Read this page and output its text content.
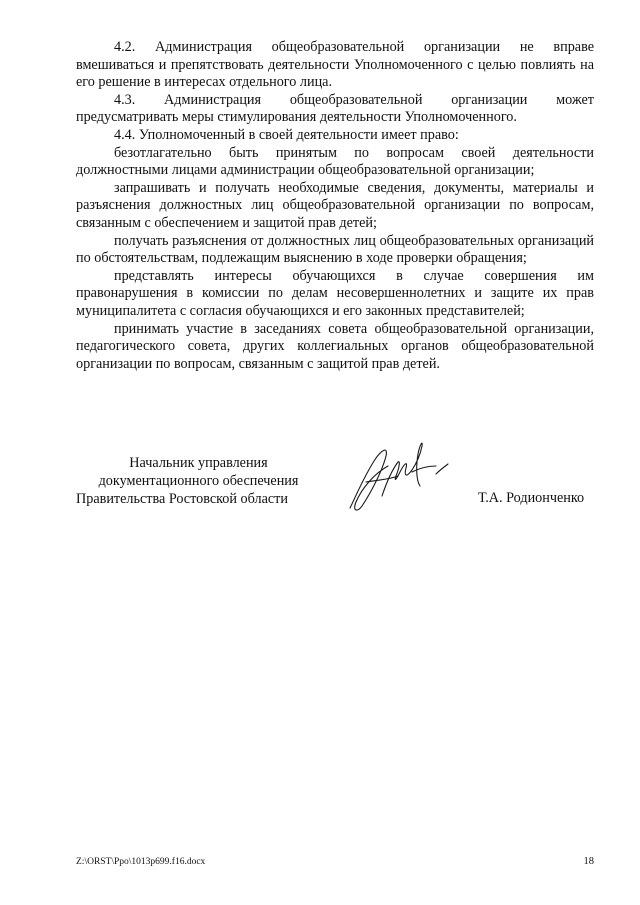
4.2. Администрация общеобразовательной организации не вправе вмешиваться и препятствовать деятельности Уполномоченного с целью повлиять на его решение в интересах отдельного лица.

4.3. Администрация общеобразовательной организации может предусматривать меры стимулирования деятельности Уполномоченного.

4.4. Уполномоченный в своей деятельности имеет право:

безотлагательно быть принятым по вопросам своей деятельности должностными лицами администрации общеобразовательной организации;

запрашивать и получать необходимые сведения, документы, материалы и разъяснения должностных лиц общеобразовательной организации по вопросам, связанным с обеспечением и защитой прав детей;

получать разъяснения от должностных лиц общеобразовательных организаций по обстоятельствам, подлежащим выяснению в ходе проверки обращения;

представлять интересы обучающихся в случае совершения им правонарушения в комиссии по делам несовершеннолетних и защите их прав муниципалитета с согласия обучающихся и его законных представителей;

принимать участие в заседаниях совета общеобразовательной организации, педагогического совета, других коллегиальных органов общеобразовательной организации по вопросам, связанным с защитой прав детей.

Начальник управления
документационного обеспечения
Правительства Ростовской области	Т.А. Родионченко
Z:\ORST\Ppo\1013p699.f16.docx	18
